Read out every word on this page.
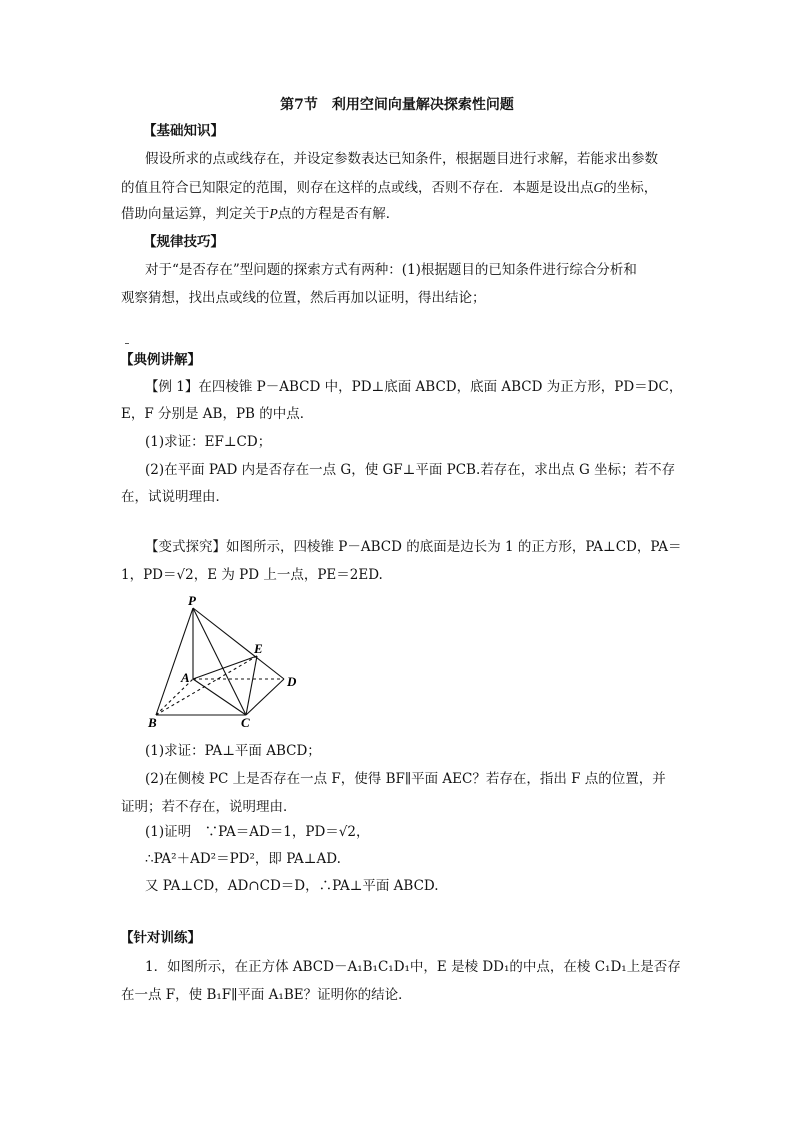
第7节　利用空间向量解决探索性问题
【基础知识】
假设所求的点或线存在，并设定参数表达已知条件，根据题目进行求解，若能求出参数
的值且符合已知限定的范围，则存在这样的点或线，否则不存在．本题是设出点G的坐标，
借助向量运算，判定关于P点的方程是否有解．
【规律技巧】
对于“是否存在”型问题的探索方式有两种：(1)根据题目的已知条件进行综合分析和
观察猜想，找出点或线的位置，然后再加以证明，得出结论；
【典例讲解】
【例 1】在四棱锥 P－ABCD 中，PD⊥底面 ABCD，底面 ABCD 为正方形，PD＝DC，
E，F 分别是 AB，PB 的中点．
(1)求证：EF⊥CD；
(2)在平面 PAD 内是否存在一点 G，使 GF⊥平面 PCB.若存在，求出点 G 坐标；若不存
在，试说明理由．
【变式探究】如图所示，四棱锥 P－ABCD 的底面是边长为 1 的正方形，PA⊥CD，PA＝
1，PD＝√2，E 为 PD 上一点，PE＝2ED.
P
E
A	D
B	C
(1)求证：PA⊥平面 ABCD；
(2)在侧棱 PC 上是否存在一点 F，使得 BF∥平面 AEC？若存在，指出 F 点的位置，并
证明；若不存在，说明理由．
(1)证明　∵PA＝AD＝1，PD＝√2，
∴PA²＋AD²＝PD²，即 PA⊥AD.
又 PA⊥CD，AD∩CD＝D，∴PA⊥平面 ABCD.
【针对训练】
1．如图所示，在正方体 ABCD－A₁B₁C₁D₁中，E 是棱 DD₁的中点，在棱 C₁D₁上是否存
在一点 F，使 B₁F∥平面 A₁BE？证明你的结论．
